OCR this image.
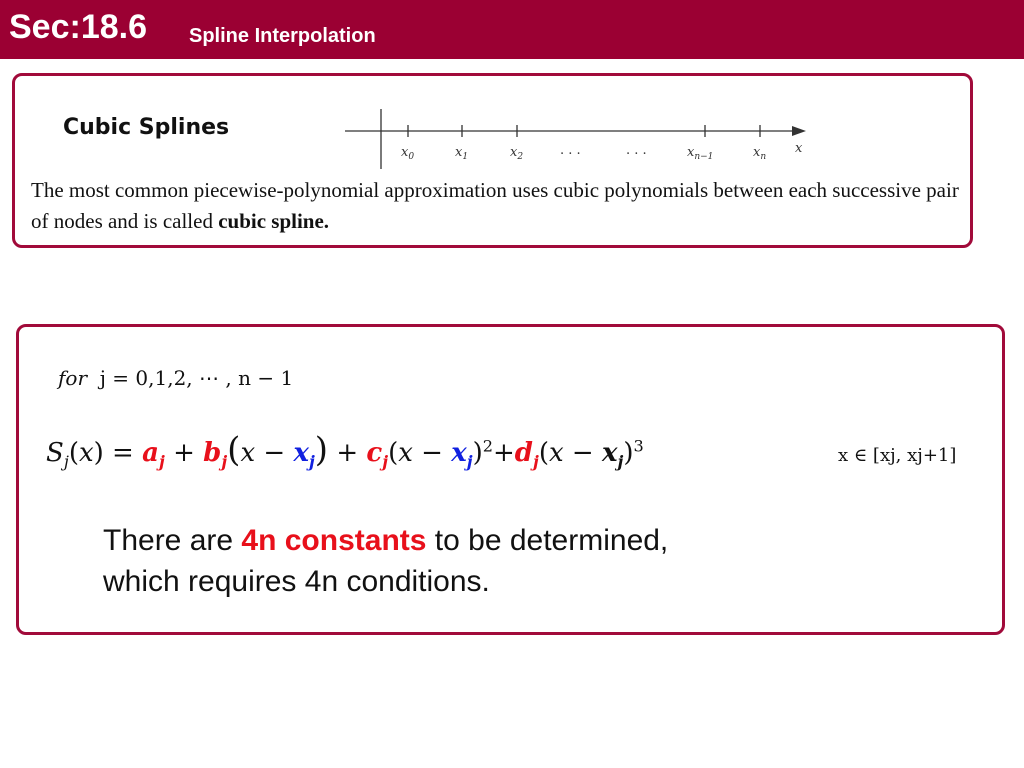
Sec:18.6 Spline Interpolation
Cubic Splines
$x_0$	$x_1$	$x_2$	. . .	. . .	$x_{n-1}$	$x_n$
x
The most common piecewise-polynomial approximation uses cubic polynomials between each successive pair of nodes and is called cubic spline.
for j = 0,1,2, ⋯ , n − 1
$S_j(x) = a_j + b_j(x - x_j) + c_j(x - x_j)^2+d_j(x - x_j)^3$	x ∈ [xj, xj+1]
There are 4n constants to be determined,
which requires 4n conditions.
